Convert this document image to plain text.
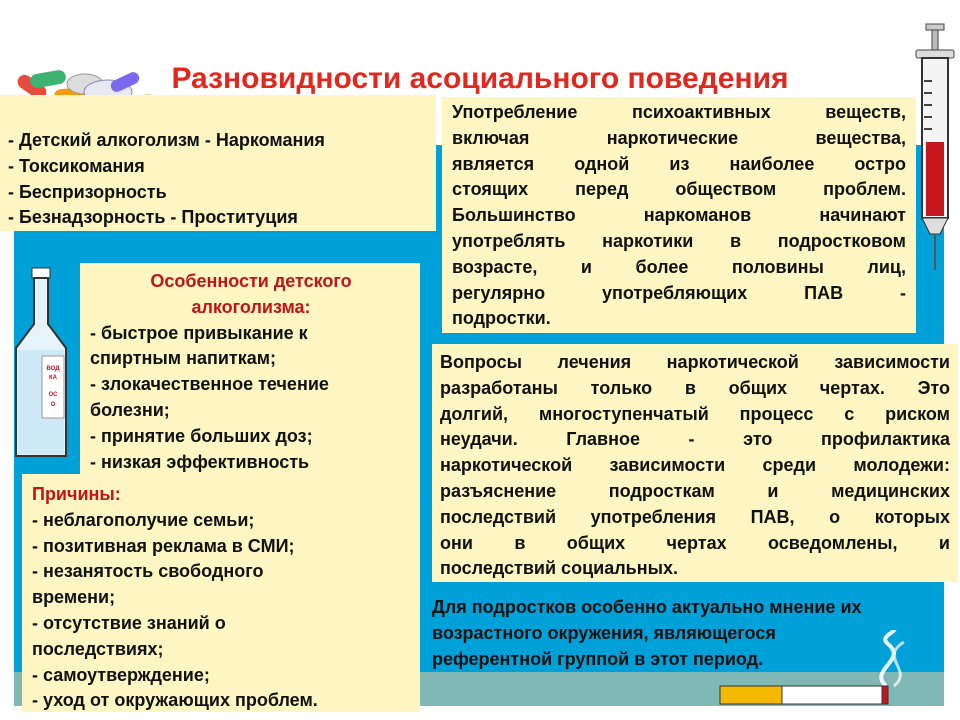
Разновидности асоциального поведения
- Детский алкоголизм - Наркомания
- Токсикомания
- Беспризорность
- Безнадзорность - Проституция
Употребление психоактивных веществ,
включая наркотические вещества,
является одной из наиболее остро
стоящих перед обществом проблем.
Большинство наркоманов начинают
употреблять наркотики в подростковом
возрасте, и более половины лиц,
регулярно употребляющих ПАВ -
подростки.
ВОД
КА
ОС
О
Особенности детского
алкоголизма:
- быстрое привыкание к
спиртным напиткам;
- злокачественное течение
болезни;
- принятие больших доз;
- низкая эффективность
Вопросы лечения наркотической зависимости
разработаны только в общих чертах. Это
долгий, многоступенчатый процесс с риском
неудачи. Главное - это профилактика
наркотической зависимости среди молодежи:
разъяснение подросткам и медицинских
последствий употребления ПАВ, о которых
они в общих чертах осведомлены, и
последствий социальных.
Причины:
- неблагополучие семьи;
- позитивная реклама в СМИ;
- незанятость свободного
времени;
- отсутствие знаний о
последствиях;
- самоутверждение;
- уход от окружающих проблем.
Для подростков особенно актуально мнение их
возрастного окружения, являющегося
референтной группой в этот период.
